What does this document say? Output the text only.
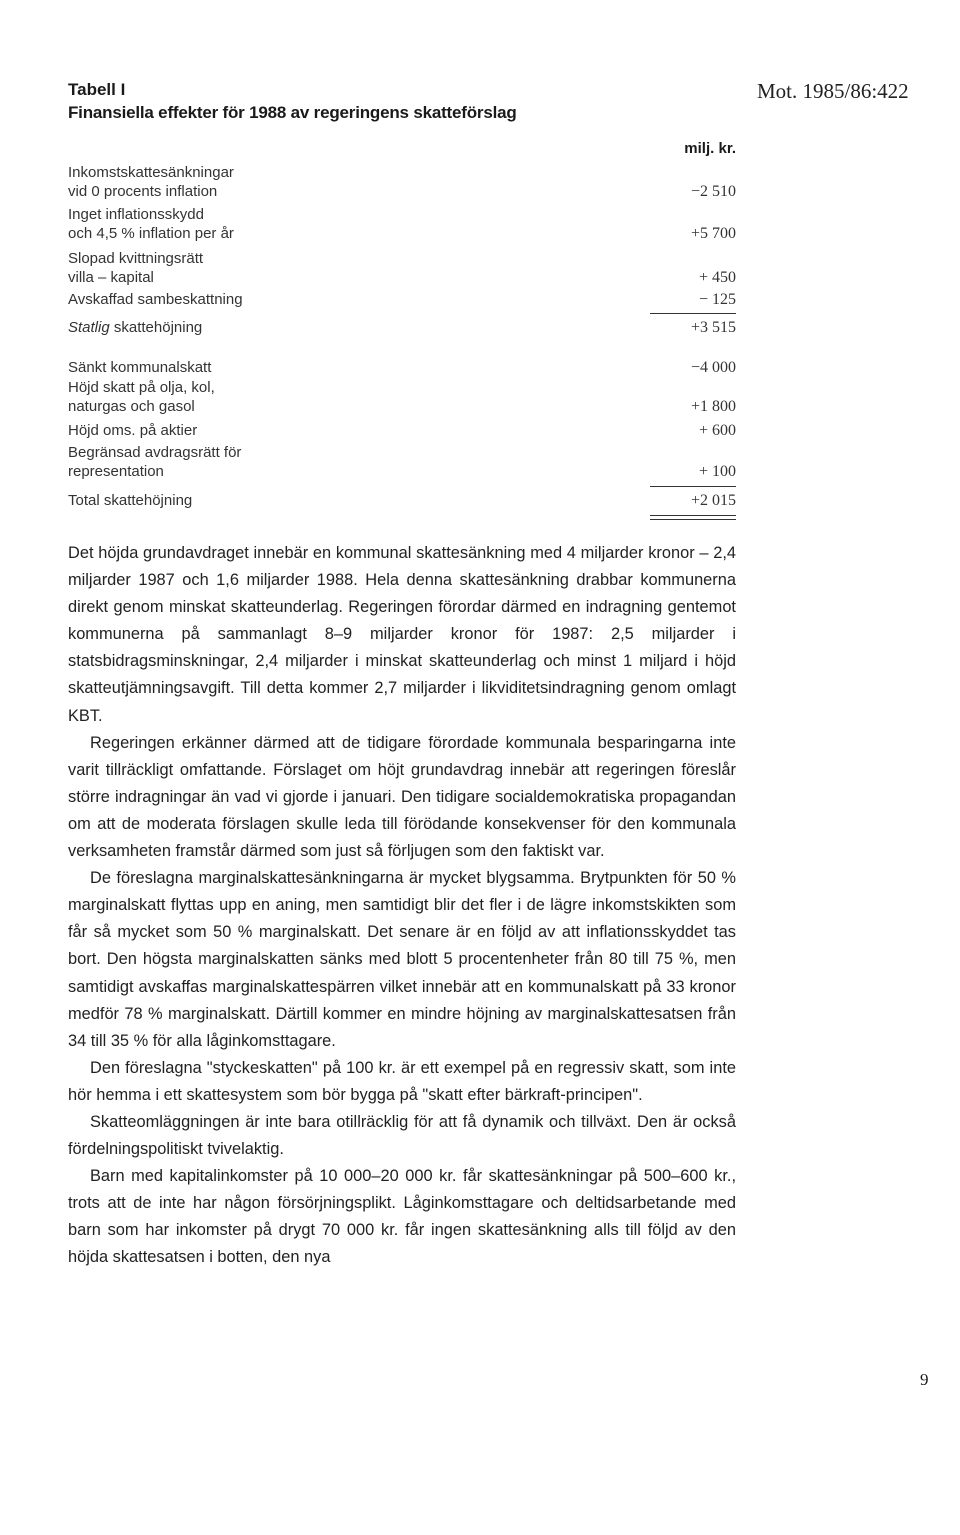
Mot. 1985/86:422
Tabell I
Finansiella effekter för 1988 av regeringens skatteförslag
milj. kr.
Inkomstskattesänkningar
vid 0 procents inflation	−2 510
Inget inflationsskydd
och 4,5 % inflation per år	+5 700
Slopad kvittningsrätt
villa – kapital	+ 450
Avskaffad sambeskattning	− 125
Statlig skattehöjning	+3 515
Sänkt kommunalskatt	−4 000
Höjd skatt på olja, kol,
naturgas och gasol	+1 800
Höjd oms. på aktier	+ 600
Begränsad avdragsrätt för
representation	+ 100
Total skattehöjning	+2 015

Det höjda grundavdraget innebär en kommunal skattesänkning med 4 miljarder kronor – 2,4 miljarder 1987 och 1,6 miljarder 1988. Hela denna skattesänkning drabbar kommunerna direkt genom minskat skatteunderlag. Regeringen förordar därmed en indragning gentemot kommunerna på sammanlagt 8–9 miljarder kronor för 1987: 2,5 miljarder i statsbidragsminskningar, 2,4 miljarder i minskat skatteunderlag och minst 1 miljard i höjd skatteutjämningsavgift. Till detta kommer 2,7 miljarder i likviditetsindragning genom omlagt KBT.

Regeringen erkänner därmed att de tidigare förordade kommunala besparingarna inte varit tillräckligt omfattande. Förslaget om höjt grundavdrag innebär att regeringen föreslår större indragningar än vad vi gjorde i januari. Den tidigare socialdemokratiska propagandan om att de moderata förslagen skulle leda till förödande konsekvenser för den kommunala verksamheten framstår därmed som just så förljugen som den faktiskt var.

De föreslagna marginalskattesänkningarna är mycket blygsamma. Brytpunkten för 50 % marginalskatt flyttas upp en aning, men samtidigt blir det fler i de lägre inkomstskikten som får så mycket som 50 % marginalskatt. Det senare är en följd av att inflationsskyddet tas bort. Den högsta marginalskatten sänks med blott 5 procentenheter från 80 till 75 %, men samtidigt avskaffas marginalskattespärren vilket innebär att en kommunalskatt på 33 kronor medför 78 % marginalskatt. Därtill kommer en mindre höjning av marginalskattesatsen från 34 till 35 % för alla låginkomsttagare.

Den föreslagna "styckeskatten" på 100 kr. är ett exempel på en regressiv skatt, som inte hör hemma i ett skattesystem som bör bygga på "skatt efter bärkraft-principen".

Skatteomläggningen är inte bara otillräcklig för att få dynamik och tillväxt. Den är också fördelningspolitiskt tvivelaktig.

Barn med kapitalinkomster på 10 000–20 000 kr. får skattesänkningar på 500–600 kr., trots att de inte har någon försörjningsplikt. Låginkomsttagare och deltidsarbetande med barn som har inkomster på drygt 70 000 kr. får ingen skattesänkning alls till följd av den höjda skattesatsen i botten, den nya

9
